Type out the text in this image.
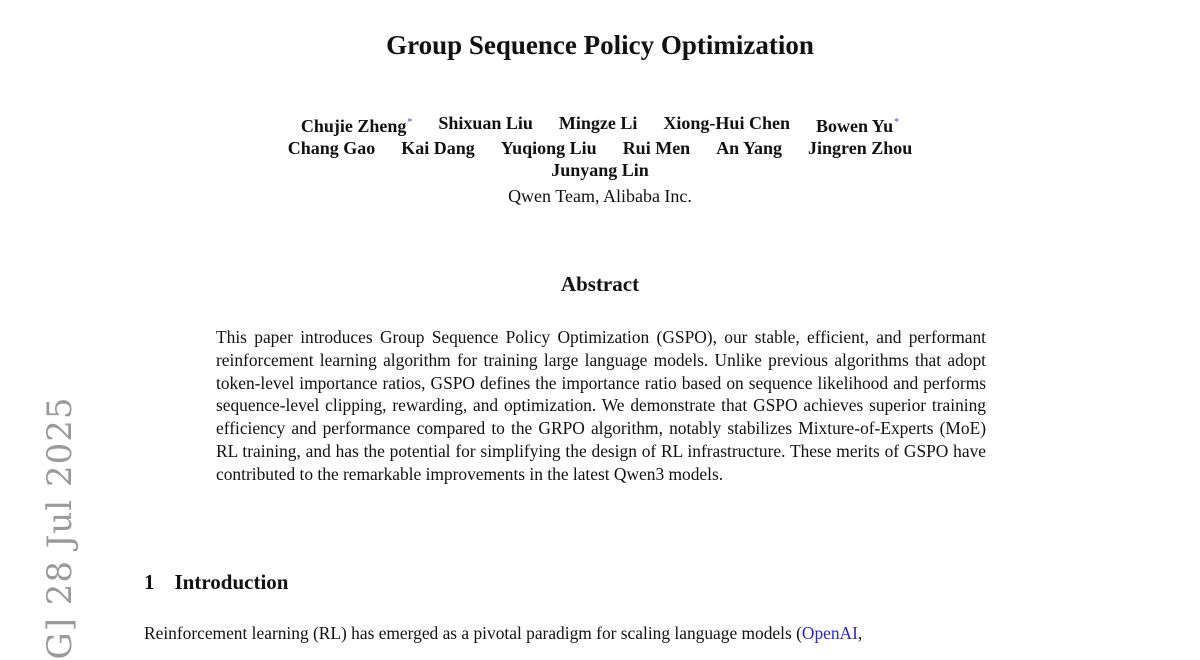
G] 28 Jul 2025
Group Sequence Policy Optimization
Chujie Zheng* Shixuan Liu Mingze Li Xiong-Hui Chen Bowen Yu*
Chang Gao Kai Dang Yuqiong Liu Rui Men An Yang Jingren Zhou
Junyang Lin
Qwen Team, Alibaba Inc.
Abstract

This paper introduces Group Sequence Policy Optimization (GSPO), our stable, efficient, and performant reinforcement learning algorithm for training large language models. Unlike previous algorithms that adopt token-level importance ratios, GSPO defines the importance ratio based on sequence likelihood and performs sequence-level clipping, rewarding, and optimization. We demonstrate that GSPO achieves superior training efficiency and performance compared to the GRPO algorithm, notably stabilizes Mixture-of-Experts (MoE) RL training, and has the potential for simplifying the design of RL infrastructure. These merits of GSPO have contributed to the remarkable improvements in the latest Qwen3 models.

1 Introduction
Reinforcement learning (RL) has emerged as a pivotal paradigm for scaling language models (OpenAI,
